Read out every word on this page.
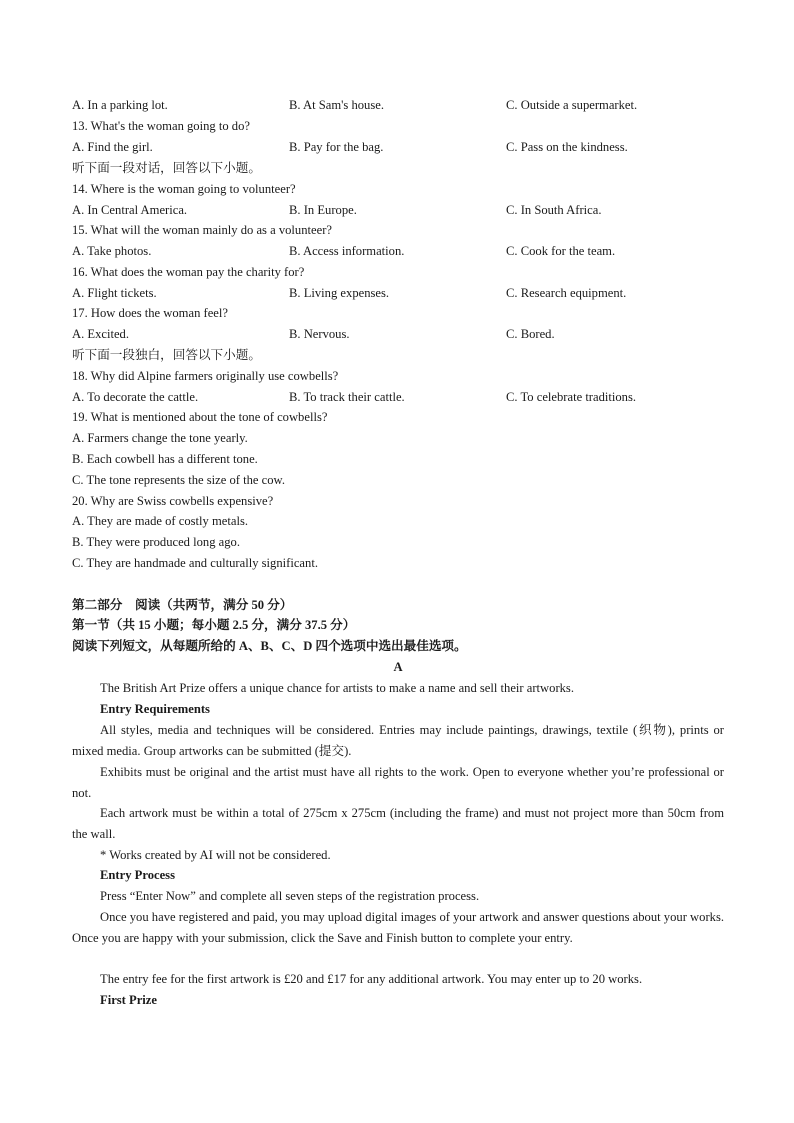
A. In a parking lot.	B. At Sam's house.	C. Outside a supermarket.
13. What's the woman going to do?
A. Find the girl.	B. Pay for the bag.	C. Pass on the kindness.
听下面一段对话，回答以下小题。
14. Where is the woman going to volunteer?
A. In Central America.	B. In Europe.	C. In South Africa.
15. What will the woman mainly do as a volunteer?
A. Take photos.	B. Access information.	C. Cook for the team.
16. What does the woman pay the charity for?
A. Flight tickets.	B. Living expenses.	C. Research equipment.
17. How does the woman feel?
A. Excited.	B. Nervous.	C. Bored.
听下面一段独白，回答以下小题。
18. Why did Alpine farmers originally use cowbells?
A. To decorate the cattle.	B. To track their cattle.	C. To celebrate traditions.
19. What is mentioned about the tone of cowbells?
A. Farmers change the tone yearly.
B. Each cowbell has a different tone.
C. The tone represents the size of the cow.
20. Why are Swiss cowbells expensive?
A. They are made of costly metals.
B. They were produced long ago.
C. They are handmade and culturally significant.
第二部分　阅读（共两节，满分 50 分）
第一节（共 15 小题；每小题 2.5 分，满分 37.5 分）
阅读下列短文，从每题所给的 A、B、C、D 四个选项中选出最佳选项。
A
The British Art Prize offers a unique chance for artists to make a name and sell their artworks.
Entry Requirements
All styles, media and techniques will be considered. Entries may include paintings, drawings, textile (织物), prints or mixed media. Group artworks can be submitted (提交).
Exhibits must be original and the artist must have all rights to the work. Open to everyone whether you’re professional or not.
Each artwork must be within a total of 275cm x 275cm (including the frame) and must not project more than 50cm from the wall.
* Works created by AI will not be considered.
Entry Process
Press “Enter Now” and complete all seven steps of the registration process.
Once you have registered and paid, you may upload digital images of your artwork and answer questions about your works. Once you are happy with your submission, click the Save and Finish button to complete your entry.
The entry fee for the first artwork is £20 and £17 for any additional artwork. You may enter up to 20 works.
First Prize
